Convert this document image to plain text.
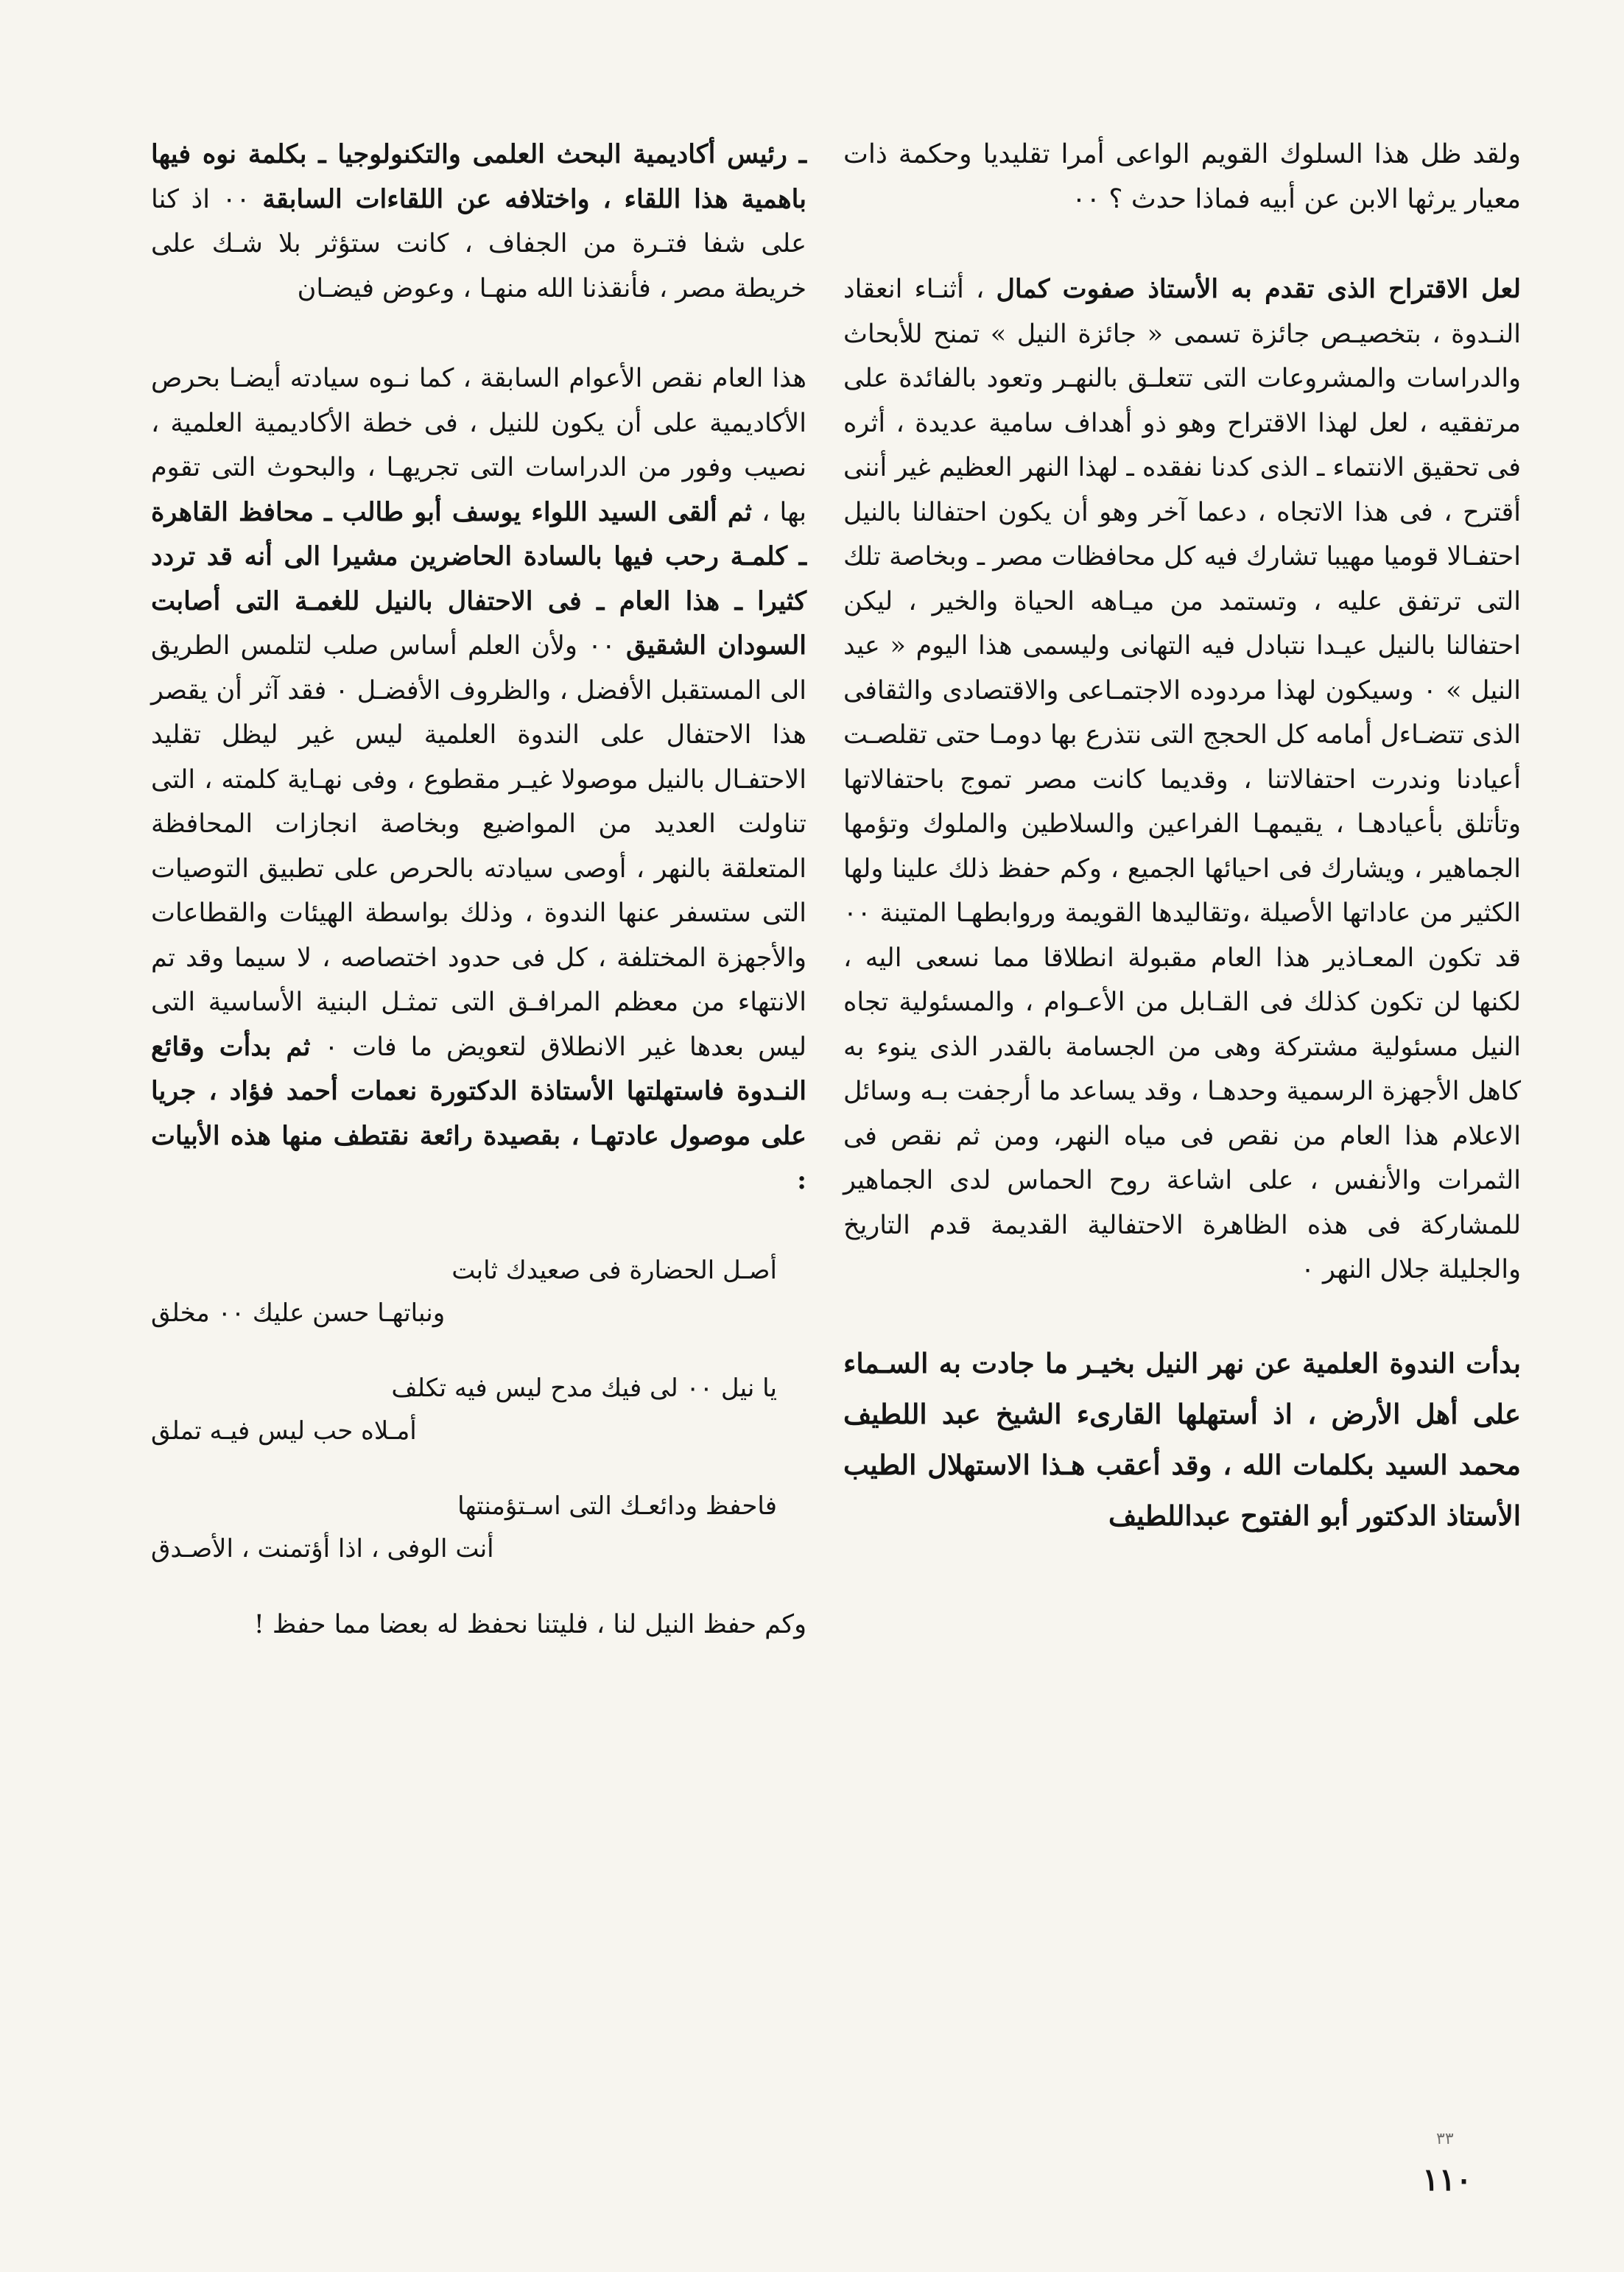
ولقد ظل هذا السلوك القويم الواعى أمرا تقليديا وحكمة ذات معيار يرثها الابن عن أبيه فماذا حدث ؟ ٠٠

لعل الاقتراح الذى تقدم به الأستاذ صفوت كمال ، أثنـاء انعقاد النـدوة ، بتخصيـص جائزة تسمى « جائزة النيل » تمنح للأبحاث والدراسات والمشروعات التى تتعلـق بالنهـر وتعود بالفائدة على مرتفقيه ، لعل لهذا الاقتراح وهو ذو أهداف سامية عديدة ، أثره فى تحقيق الانتماء ـ الذى كدنا نفقده ـ لهذا النهر العظيم غير أننى أقترح ، فى هذا الاتجاه ، دعما آخر وهو أن يكون احتفالنا بالنيل احتفـالا قوميا مهيبا تشارك فيه كل محافظات مصر ـ وبخاصة تلك التى ترتفق عليه ، وتستمد من ميـاهه الحياة والخير ، ليكن احتفالنا بالنيل عيـدا نتبادل فيه التهانى وليسمى هذا اليوم « عيد النيل » ٠ وسيكون لهذا مردوده الاجتمـاعى والاقتصادى والثقافى الذى تتضـاءل أمامه كل الحجج التى نتذرع بها دومـا حتى تقلصـت أعيادنا وندرت احتفالاتنا ، وقديما كانت مصر تموج باحتفالاتها وتأتلق بأعيادهـا ، يقيمهـا الفراعين والسلاطين والملوك وتؤمها الجماهير ، ويشارك فى احيائها الجميع ، وكم حفظ ذلك علينا ولها الكثير من عاداتها الأصيلة ،وتقاليدها القويمة وروابطهـا المتينة ٠٠ قد تكون المعـاذير هذا العام مقبولة انطلاقا مما نسعى اليه ، لكنها لن تكون كذلك فى القـابل من الأعـوام ، والمسئولية تجاه النيل مسئولية مشتركة وهى من الجسامة بالقدر الذى ينوء به كاهل الأجهزة الرسمية وحدهـا ، وقد يساعد ما أرجفت بـه وسائل الاعلام هذا العام من نقص فى مياه النهر، ومن ثم نقص فى الثمرات والأنفس ، على اشاعة روح الحماس لدى الجماهير للمشاركة فى هذه الظاهرة الاحتفالية القديمة قدم التاريخ والجليلة جلال النهر ٠

بدأت الندوة العلمية عن نهر النيل بخيـر ما جادت به السـماء على أهل الأرض ، اذ أستهلها القارىء الشيخ عبد اللطيف محمد السيد بكلمات الله ، وقد أعقب هـذا الاستهلال الطيب الأستاذ الدكتور أبو الفتوح عبداللطيف

ـ رئيس أكاديمية البحث العلمى والتكنولوجيا ـ بكلمة نوه فيها باهمية هذا اللقاء ، واختلافه عن اللقاءات السابقة ٠٠ اذ كنا على شفا فتـرة من الجفاف ، كانت ستؤثر بلا شـك على خريطة مصر ، فأنقذنا الله منهـا ، وعوض فيضـان

هذا العام نقص الأعوام السابقة ، كما نـوه سيادته أيضـا بحرص الأكاديمية على أن يكون للنيل ، فى خطة الأكاديمية العلمية ، نصيب وفور من الدراسات التى تجريهـا ، والبحوث التى تقوم بها ، ثم ألقى السيد اللواء يوسف أبو طالب ـ محافظ القاهرة ـ كلمـة رحب فيها بالسادة الحاضرين مشيرا الى أنه قد تردد كثيرا ـ هذا العام ـ فى الاحتفال بالنيل للغمـة التى أصابت السودان الشقيق ٠٠ ولأن العلم أساس صلب لتلمس الطريق الى المستقبل الأفضل ، والظروف الأفضـل ٠ فقد آثر أن يقصر هذا الاحتفال على الندوة العلمية ليس غير ليظل تقليد الاحتفـال بالنيل موصولا غيـر مقطوع ، وفى نهـاية كلمته ، التى تناولت العديد من المواضيع وبخاصة انجازات المحافظة المتعلقة بالنهر ، أوصى سيادته بالحرص على تطبيق التوصيات التى ستسفر عنها الندوة ، وذلك بواسطة الهيئات والقطاعات والأجهزة المختلفة ، كل فى حدود اختصاصه ، لا سيما وقد تم الانتهاء من معظم المرافـق التى تمثـل البنية الأساسية التى ليس بعدها غير الانطلاق لتعويض ما فات ٠ ثم بدأت وقائع النـدوة فاستهلتها الأستاذة الدكتورة نعمات أحمد فؤاد ، جريا على موصول عادتهـا ، بقصيدة رائعة نقتطف منها هذه الأبيات :

أصـل الحضارة فى صعيدك ثابت
ونباتهـا حسن عليك ٠٠ مخلق
يا نيل ٠٠ لى فيك مدح ليس فيه تكلف
أمـلاه حب ليس فيـه تملق
فاحفظ ودائعـك التى اسـتؤمنتها
أنت الوفى ، اذا أؤتمنت ، الأصـدق
وكم حفظ النيل لنا ، فليتنا نحفظ له بعضا مما حفظ !
٣٣
١١٠
